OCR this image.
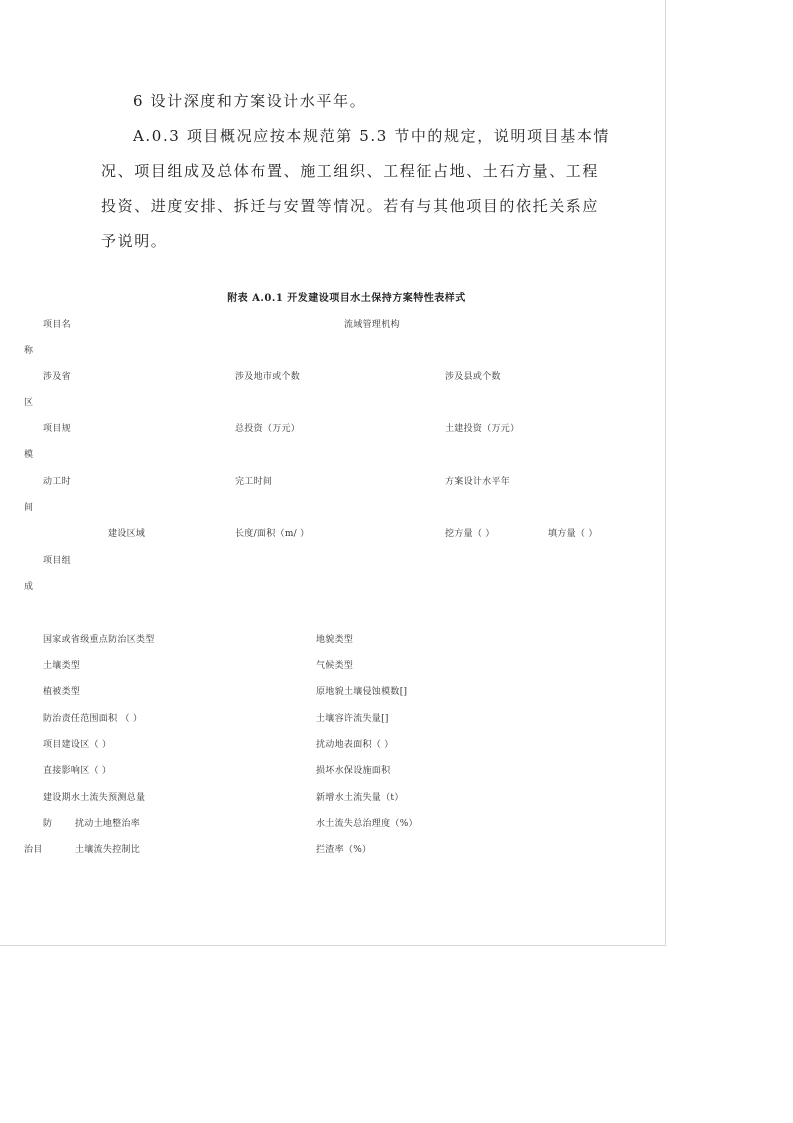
6 设计深度和方案设计水平年。
A.0.3 项目概况应按本规范第 5.3 节中的规定，说明项目基本情
况、项目组成及总体布置、施工组织、工程征占地、土石方量、工程
投资、进度安排、拆迁与安置等情况。若有与其他项目的依托关系应
予说明。
附表 A.0.1 开发建设项目水土保持方案特性表样式
项目名	流域管理机构
称
涉及省	涉及地市或个数	涉及县或个数
区
项目规	总投资（万元）	土建投资（万元）
模
动工时	完工时间	方案设计水平年
间
建设区域	长度/面积（m/ ）	挖方量（ ）	填方量（ ）
项目组
成
国家或省级重点防治区类型	地貌类型
土壤类型	气候类型
植被类型	原地貌土壤侵蚀模数[]
防治责任范围面积 （ ）	土壤容许流失量[]
项目建设区（ ）	扰动地表面积（ ）
直接影响区（ ）	损坏水保设施面积
建设期水土流失预测总量	新增水土流失量（t）
防	扰动土地整治率	水土流失总治理度（%）
治目	土壤流失控制比	拦渣率（%）
